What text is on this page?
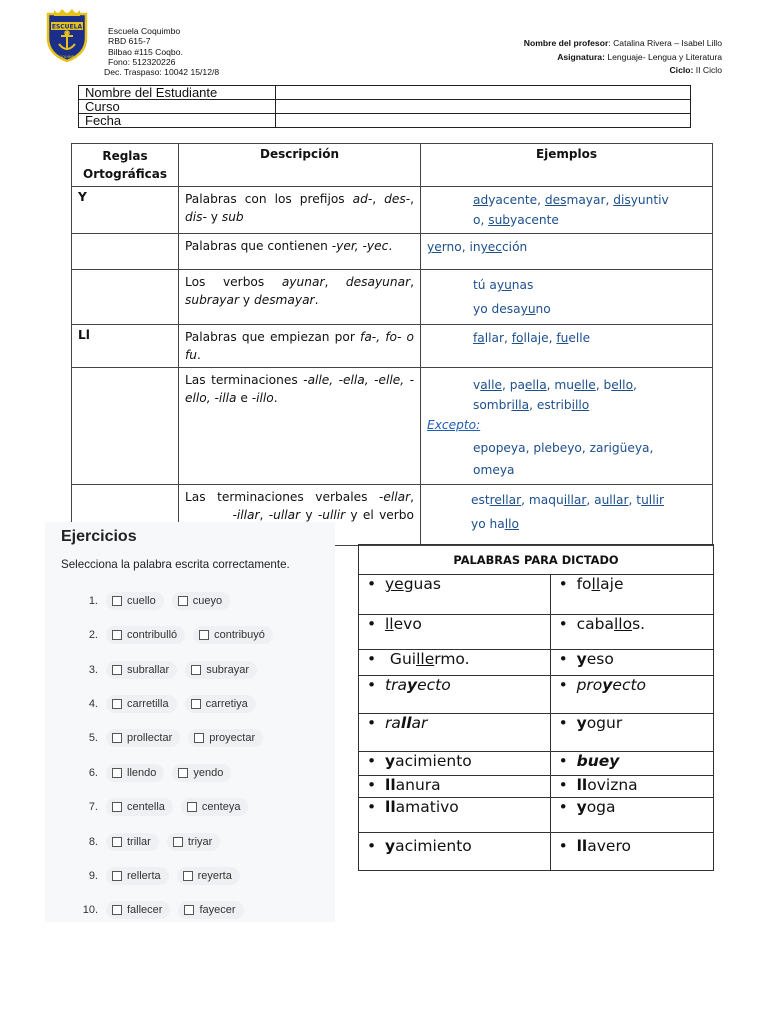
ESCUELA
COQUIMBO
Escuela Coquimbo
RBD 615-7
Bilbao #115 Coqbo.
Fono: 512320226
Dec. Traspaso: 10042 15/12/8
Nombre del profesor: Catalina Rivera – Isabel Lillo
Asignatura: Lenguaje- Lengua y Literatura
Ciclo: II Ciclo
Nombre del Estudiante	
Curso	
Fecha	
Reglas
Ortográficas	Descripción	Ejemplos
Y	Palabras con los prefijos ad-, des-, dis- y sub	adyacente, desmayar, disyuntiv
o, subyacente

	Palabras que contienen -yer, -yec.	yerno, inyección
	Los verbos ayunar, desayunar, subrayar y desmayar.	tú ayunas
yo desayuno

Ll	Palabras que empiezan por fa-, fo- o fu.	fallar, follaje, fuelle

	Las terminaciones -alle, -ella, -elle, -ello, -illa e -illo.	valle, paella, muelle, bello,
sombrilla, estribillo
Excepto:
epopeya, plebeyo, zarigüeya,
omeya

	Las terminaciones verbales -ellar,          -illar, -ullar y -ullir y el verbo	estrellar, maquillar, aullar, tullir
yo hallo
Ejercicios
Selecciona la palabra escrita correctamente.
1.	cuello	cueyo
2.	contribulló	contribuyó
3.	subrallar	subrayar
4.	carretilla	carretiya
5.	prollectar	proyectar
6.	llendo	yendo
7.	centella	centeya
8.	trillar	triyar
9.	rellerta	reyerta
10.	fallecer	fayecer
PALABRAS PARA DICTADO	
• yeguas	• follaje
• llevo	• caballos.
• Guillermo.	• yeso
• trayecto	• proyecto
• rallar	• yogur
• yacimiento	• buey
• llanura	• llovizna
• llamativo	• yoga
• yacimiento	• llavero
